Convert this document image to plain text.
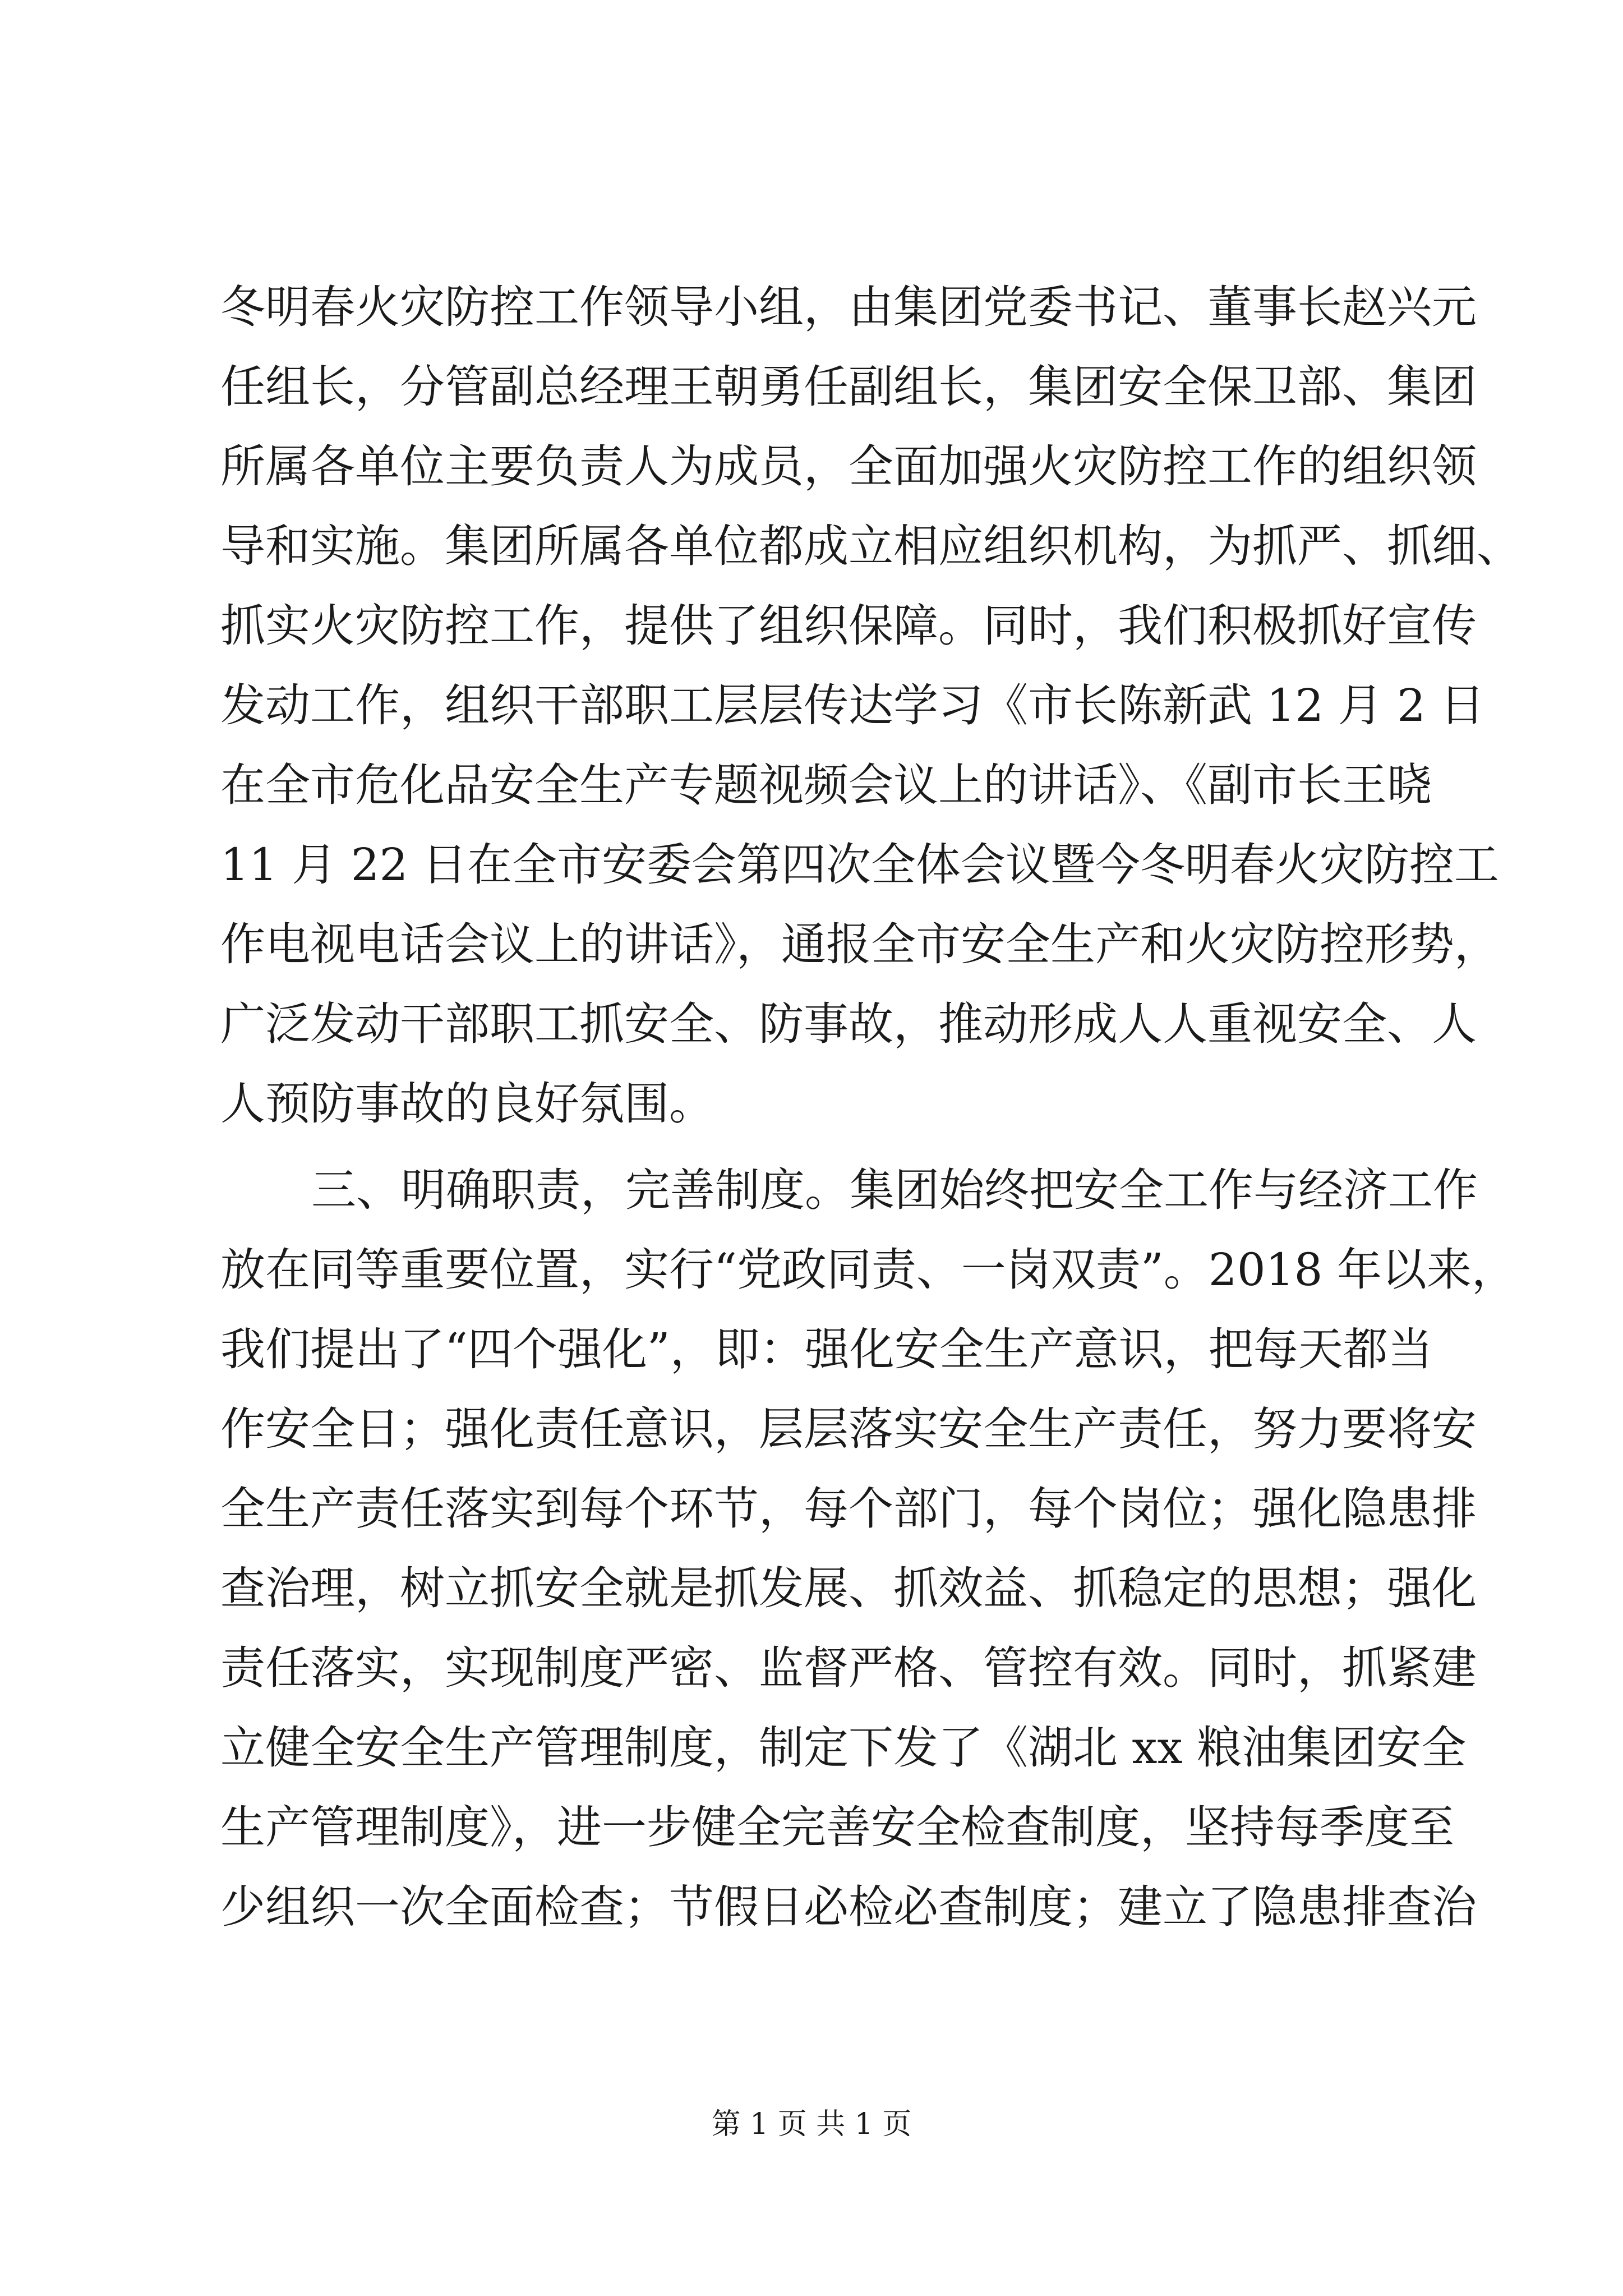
冬明春火灾防控工作领导小组，由集团党委书记、董事长赵兴元
任组长，分管副总经理王朝勇任副组长，集团安全保卫部、集团
所属各单位主要负责人为成员，全面加强火灾防控工作的组织领
导和实施。集团所属各单位都成立相应组织机构，为抓严、抓细、
抓实火灾防控工作，提供了组织保障。同时，我们积极抓好宣传
发动工作，组织干部职工层层传达学习《市长陈新武 12 月 2 日
在全市危化品安全生产专题视频会议上的讲话》、《副市长王晓
11 月 22 日在全市安委会第四次全体会议暨今冬明春火灾防控工
作电视电话会议上的讲话》，通报全市安全生产和火灾防控形势，
广泛发动干部职工抓安全、防事故，推动形成人人重视安全、人
人预防事故的良好氛围。
三、明确职责，完善制度。集团始终把安全工作与经济工作
放在同等重要位置，实行“党政同责、一岗双责”。2018 年以来，
我们提出了“四个强化”，即：强化安全生产意识，把每天都当
作安全日；强化责任意识，层层落实安全生产责任，努力要将安
全生产责任落实到每个环节，每个部门，每个岗位；强化隐患排
查治理，树立抓安全就是抓发展、抓效益、抓稳定的思想；强化
责任落实，实现制度严密、监督严格、管控有效。同时，抓紧建
立健全安全生产管理制度，制定下发了《湖北 xx 粮油集团安全
生产管理制度》，进一步健全完善安全检查制度，坚持每季度至
少组织一次全面检查；节假日必检必查制度；建立了隐患排查治
第 1 页 共 1 页
